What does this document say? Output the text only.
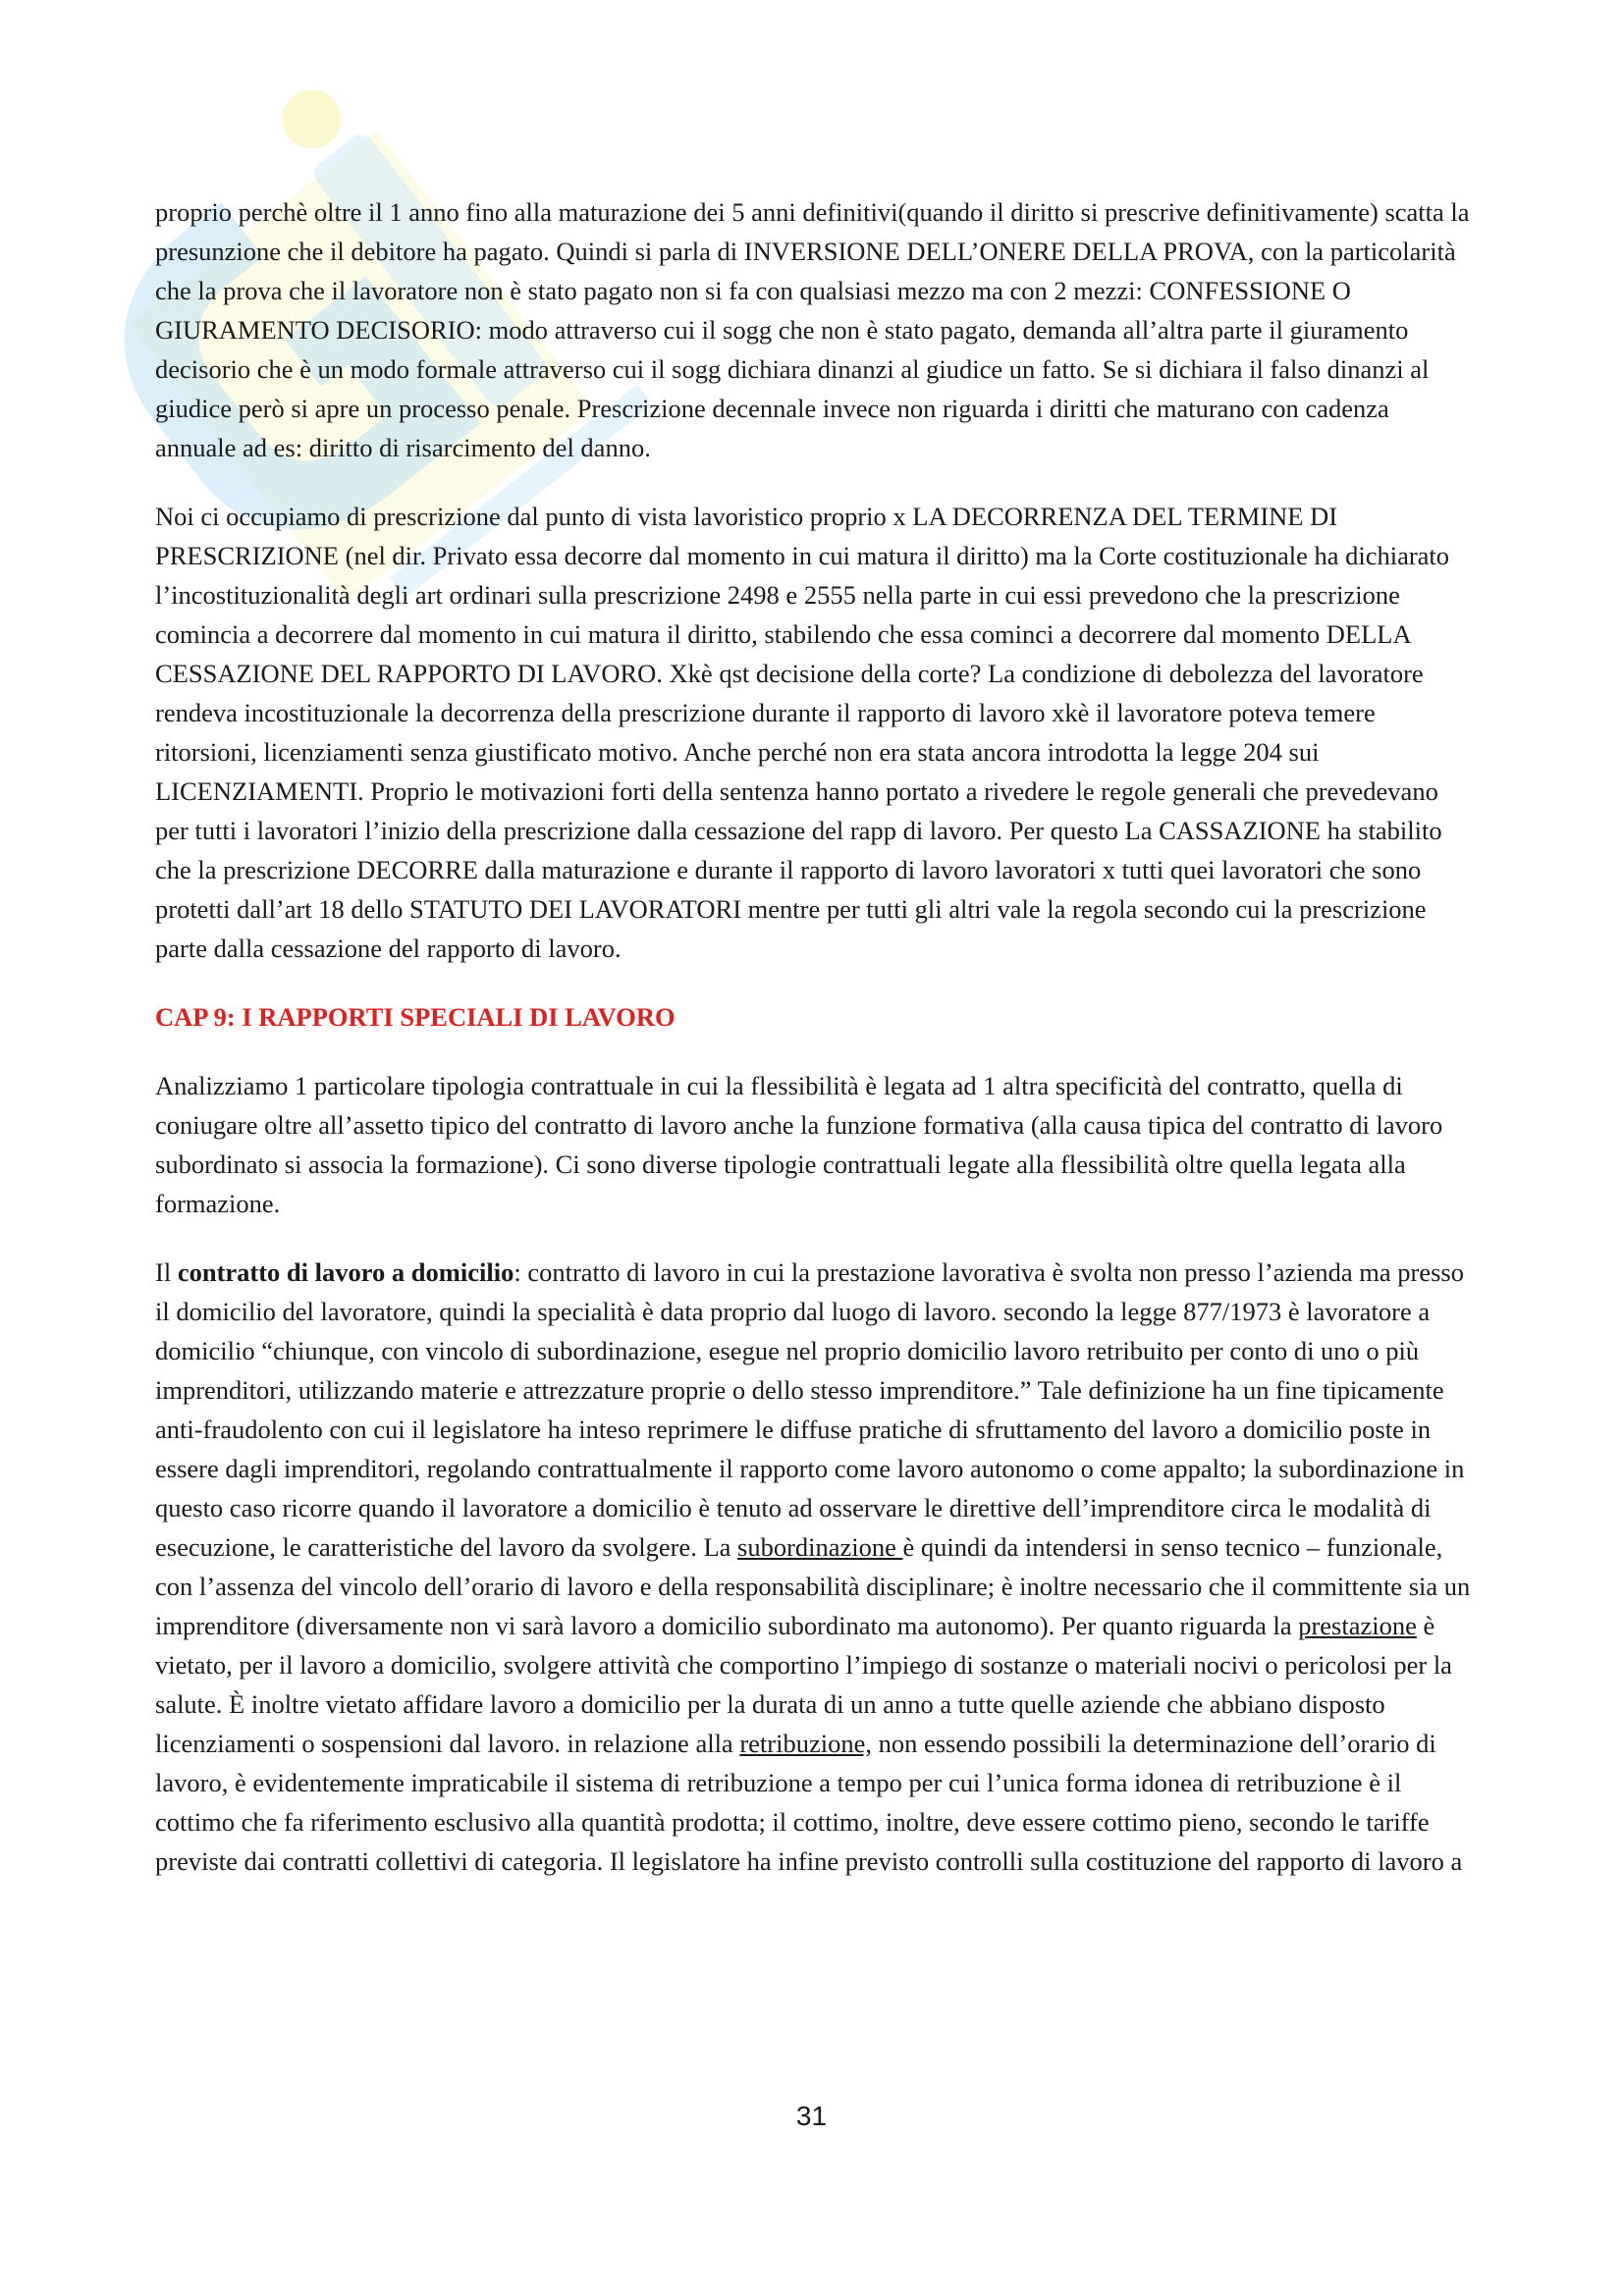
proprio perchè oltre il 1 anno fino alla maturazione dei 5 anni definitivi(quando il diritto si prescrive definitivamente) scatta la presunzione che il debitore ha pagato. Quindi si parla di INVERSIONE DELL’ONERE DELLA PROVA, con la particolarità che la prova che il lavoratore non è stato pagato non si fa con qualsiasi mezzo ma con 2 mezzi: CONFESSIONE O GIURAMENTO DECISORIO: modo attraverso cui il sogg che non è stato pagato, demanda all’altra parte il giuramento decisorio che è un modo formale attraverso cui il sogg dichiara dinanzi al giudice un fatto. Se si dichiara il falso dinanzi al giudice però si apre un processo penale. Prescrizione decennale invece non riguarda i diritti che maturano con cadenza annuale ad es: diritto di risarcimento del danno.

Noi ci occupiamo di prescrizione dal punto di vista lavoristico proprio x LA DECORRENZA DEL TERMINE DI PRESCRIZIONE (nel dir. Privato essa decorre dal momento in cui matura il diritto) ma la Corte costituzionale ha dichiarato l’incostituzionalità degli art ordinari sulla prescrizione 2498 e 2555 nella parte in cui essi prevedono che la prescrizione comincia a decorrere dal momento in cui matura il diritto, stabilendo che essa cominci a decorrere dal momento DELLA CESSAZIONE DEL RAPPORTO DI LAVORO. Xkè qst decisione della corte? La condizione di debolezza del lavoratore rendeva incostituzionale la decorrenza della prescrizione durante il rapporto di lavoro xkè il lavoratore poteva temere ritorsioni, licenziamenti senza giustificato motivo. Anche perché non era stata ancora introdotta la legge 204 sui LICENZIAMENTI. Proprio le motivazioni forti della sentenza hanno portato a rivedere le regole generali che prevedevano per tutti i lavoratori l’inizio della prescrizione dalla cessazione del rapp di lavoro. Per questo La CASSAZIONE ha stabilito che la prescrizione DECORRE dalla maturazione e durante il rapporto di lavoro lavoratori x tutti quei lavoratori che sono protetti dall’art 18 dello STATUTO DEI LAVORATORI mentre per tutti gli altri vale la regola secondo cui la prescrizione parte dalla cessazione del rapporto di lavoro.

CAP 9: I RAPPORTI SPECIALI DI LAVORO

Analizziamo 1 particolare tipologia contrattuale in cui la flessibilità è legata ad 1 altra specificità del contratto, quella di coniugare oltre all’assetto tipico del contratto di lavoro anche la funzione formativa (alla causa tipica del contratto di lavoro subordinato si associa la formazione). Ci sono diverse tipologie contrattuali legate alla flessibilità oltre quella legata alla formazione.

Il contratto di lavoro a domicilio: contratto di lavoro in cui la prestazione lavorativa è svolta non presso l’azienda ma presso il domicilio del lavoratore, quindi la specialità è data proprio dal luogo di lavoro. secondo la legge 877/1973 è lavoratore a domicilio “chiunque, con vincolo di subordinazione, esegue nel proprio domicilio lavoro retribuito per conto di uno o più imprenditori, utilizzando materie e attrezzature proprie o dello stesso imprenditore.” Tale definizione ha un fine tipicamente anti-fraudolento con cui il legislatore ha inteso reprimere le diffuse pratiche di sfruttamento del lavoro a domicilio poste in essere dagli imprenditori, regolando contrattualmente il rapporto come lavoro autonomo o come appalto; la subordinazione in questo caso ricorre quando il lavoratore a domicilio è tenuto ad osservare le direttive dell’imprenditore circa le modalità di esecuzione, le caratteristiche del lavoro da svolgere. La subordinazione è quindi da intendersi in senso tecnico – funzionale, con l’assenza del vincolo dell’orario di lavoro e della responsabilità disciplinare; è inoltre necessario che il committente sia un imprenditore (diversamente non vi sarà lavoro a domicilio subordinato ma autonomo). Per quanto riguarda la prestazione è vietato, per il lavoro a domicilio, svolgere attività che comportino l’impiego di sostanze o materiali nocivi o pericolosi per la salute. È inoltre vietato affidare lavoro a domicilio per la durata di un anno a tutte quelle aziende che abbiano disposto licenziamenti o sospensioni dal lavoro. in relazione alla retribuzione, non essendo possibili la determinazione dell’orario di lavoro, è evidentemente impraticabile il sistema di retribuzione a tempo per cui l’unica forma idonea di retribuzione è il cottimo che fa riferimento esclusivo alla quantità prodotta; il cottimo, inoltre, deve essere cottimo pieno, secondo le tariffe previste dai contratti collettivi di categoria. Il legislatore ha infine previsto controlli sulla costituzione del rapporto di lavoro a

31
